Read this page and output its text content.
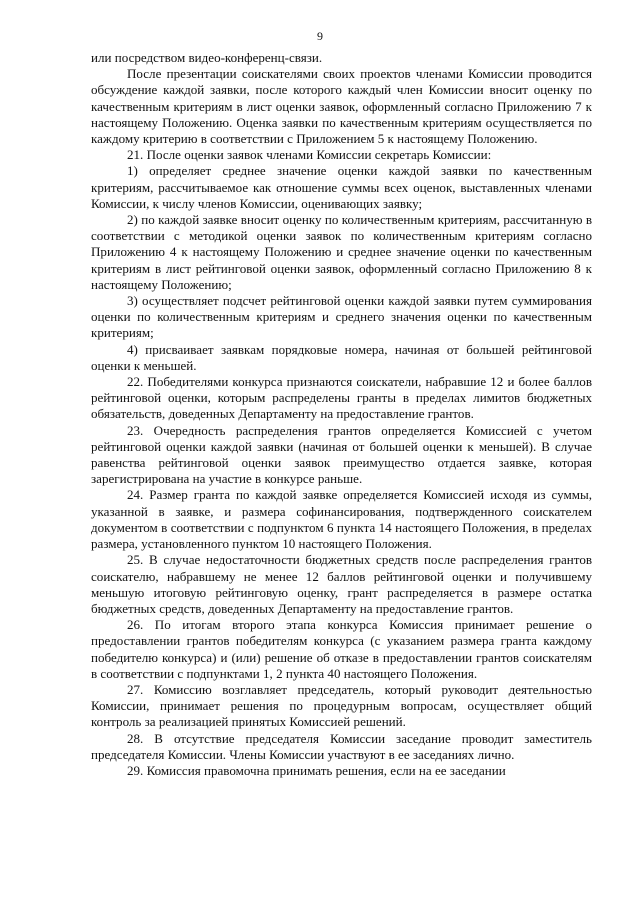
9

или посредством видео-конференц-связи.

После презентации соискателями своих проектов членами Комиссии проводится обсуждение каждой заявки, после которого каждый член Комиссии вносит оценку по качественным критериям в лист оценки заявок, оформленный согласно Приложению 7 к настоящему Положению. Оценка заявки по качественным критериям осуществляется по каждому критерию в соответствии с Приложением 5 к настоящему Положению.

21. После оценки заявок членами Комиссии секретарь Комиссии:

1) определяет среднее значение оценки каждой заявки по качественным критериям, рассчитываемое как отношение суммы всех оценок, выставленных членами Комиссии, к числу членов Комиссии, оценивающих заявку;

2) по каждой заявке вносит оценку по количественным критериям, рассчитанную в соответствии с методикой оценки заявок по количественным критериям согласно Приложению 4 к настоящему Положению и среднее значение оценки по качественным критериям в лист рейтинговой оценки заявок, оформленный согласно Приложению 8 к настоящему Положению;

3) осуществляет подсчет рейтинговой оценки каждой заявки путем суммирования оценки по количественным критериям и среднего значения оценки по качественным критериям;

4) присваивает заявкам порядковые номера, начиная от большей рейтинговой оценки к меньшей.

22. Победителями конкурса признаются соискатели, набравшие 12 и более баллов рейтинговой оценки, которым распределены гранты в пределах лимитов бюджетных обязательств, доведенных Департаменту на предоставление грантов.

23. Очередность распределения грантов определяется Комиссией с учетом рейтинговой оценки каждой заявки (начиная от большей оценки к меньшей). В случае равенства рейтинговой оценки заявок преимущество отдается заявке, которая зарегистрирована на участие в конкурсе раньше.

24. Размер гранта по каждой заявке определяется Комиссией исходя из суммы, указанной в заявке, и размера софинансирования, подтвержденного соискателем документом в соответствии с подпунктом 6 пункта 14 настоящего Положения, в пределах размера, установленного пунктом 10 настоящего Положения.

25. В случае недостаточности бюджетных средств после распределения грантов соискателю, набравшему не менее 12 баллов рейтинговой оценки и получившему меньшую итоговую рейтинговую оценку, грант распределяется в размере остатка бюджетных средств, доведенных Департаменту на предоставление грантов.

26. По итогам второго этапа конкурса Комиссия принимает решение о предоставлении грантов победителям конкурса (с указанием размера гранта каждому победителю конкурса) и (или) решение об отказе в предоставлении грантов соискателям в соответствии с подпунктами 1, 2 пункта 40 настоящего Положения.

27. Комиссию возглавляет председатель, который руководит деятельностью Комиссии, принимает решения по процедурным вопросам, осуществляет общий контроль за реализацией принятых Комиссией решений.

28. В отсутствие председателя Комиссии заседание проводит заместитель председателя Комиссии. Члены Комиссии участвуют в ее заседаниях лично.

29. Комиссия правомочна принимать решения, если на ее заседании
